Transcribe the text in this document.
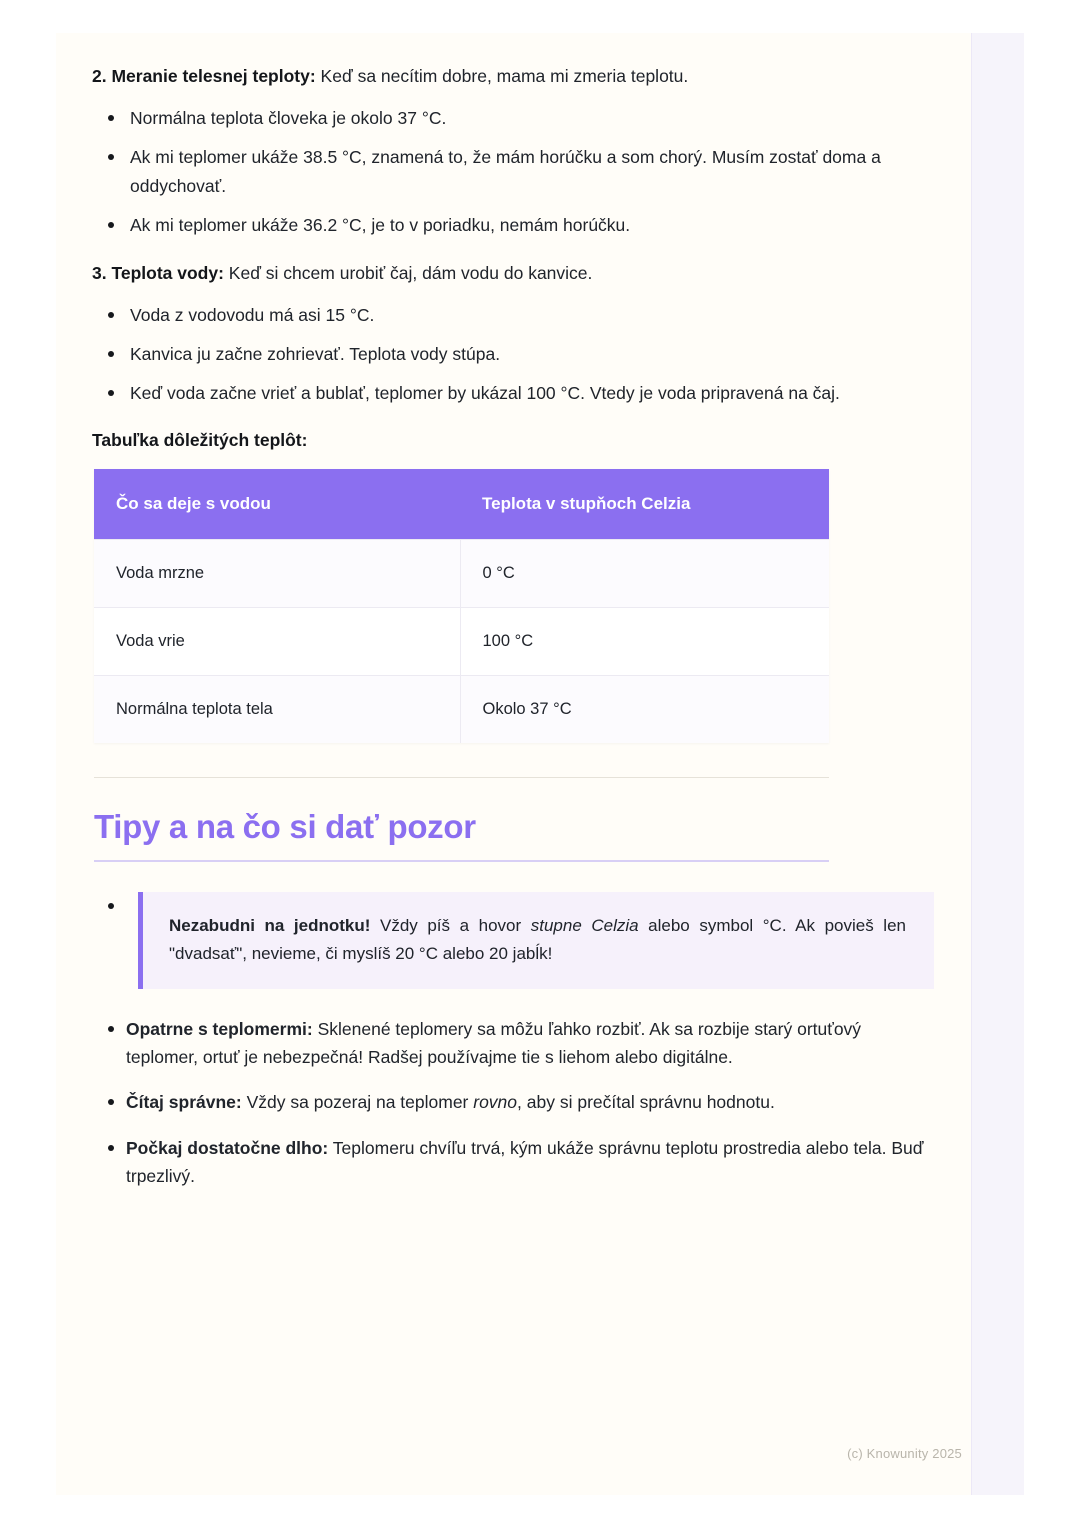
2. Meranie telesnej teploty: Keď sa necítim dobre, mama mi zmeria teplotu.

Normálna teplota človeka je okolo 37 °C.
Ak mi teplomer ukáže 38.5 °C, znamená to, že mám horúčku a som chorý. Musím zostať doma a oddychovať.
Ak mi teplomer ukáže 36.2 °C, je to v poriadku, nemám horúčku.

3. Teplota vody: Keď si chcem urobiť čaj, dám vodu do kanvice.

Voda z vodovodu má asi 15 °C.
Kanvica ju začne zohrievať. Teplota vody stúpa.
Keď voda začne vrieť a bublať, teplomer by ukázal 100 °C. Vtedy je voda pripravená na čaj.
Tabuľka dôležitých teplôt:
Čo sa deje s vodou	Teplota v stupňoch Celzia
Voda mrzne	0 °C
Voda vrie	100 °C
Normálna teplota tela	Okolo 37 °C
Tipy a na čo si dať pozor
Nezabudni na jednotku! Vždy píš a hovor stupne Celzia alebo symbol °C. Ak povieš len "dvadsať", nevieme, či myslíš 20 °C alebo 20 jabĺk!
Opatrne s teplomermi: Sklenené teplomery sa môžu ľahko rozbiť. Ak sa rozbije starý ortuťový teplomer, ortuť je nebezpečná! Radšej používajme tie s liehom alebo digitálne.
Čítaj správne: Vždy sa pozeraj na teplomer rovno, aby si prečítal správnu hodnotu.
Počkaj dostatočne dlho: Teplomeru chvíľu trvá, kým ukáže správnu teplotu prostredia alebo tela. Buď trpezlivý.
(c) Knowunity 2025
